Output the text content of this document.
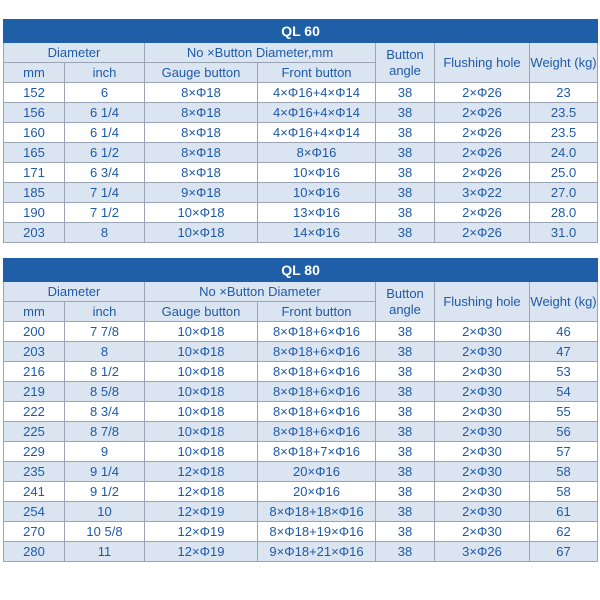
QL 60						
Diameter		No ×Button Diameter,mm		Button angle	Flushing hole	Weight (kg)
mm	inch	Gauge button	Front button			
152	6	8×Φ18	4×Φ16+4×Φ14	38	2×Φ26	23
156	6 1/4	8×Φ18	4×Φ16+4×Φ14	38	2×Φ26	23.5
160	6 1/4	8×Φ18	4×Φ16+4×Φ14	38	2×Φ26	23.5
165	6 1/2	8×Φ18	8×Φ16	38	2×Φ26	24.0
171	6 3/4	8×Φ18	10×Φ16	38	2×Φ26	25.0
185	7 1/4	9×Φ18	10×Φ16	38	3×Φ22	27.0
190	7 1/2	10×Φ18	13×Φ16	38	2×Φ26	28.0
203	8	10×Φ18	14×Φ16	38	2×Φ26	31.0
QL 80						
Diameter		No ×Button Diameter		Button angle	Flushing hole	Weight (kg)
mm	inch	Gauge button	Front button			
200	7 7/8	10×Φ18	8×Φ18+6×Φ16	38	2×Φ30	46
203	8	10×Φ18	8×Φ18+6×Φ16	38	2×Φ30	47
216	8 1/2	10×Φ18	8×Φ18+6×Φ16	38	2×Φ30	53
219	8 5/8	10×Φ18	8×Φ18+6×Φ16	38	2×Φ30	54
222	8 3/4	10×Φ18	8×Φ18+6×Φ16	38	2×Φ30	55
225	8 7/8	10×Φ18	8×Φ18+6×Φ16	38	2×Φ30	56
229	9	10×Φ18	8×Φ18+7×Φ16	38	2×Φ30	57
235	9 1/4	12×Φ18	20×Φ16	38	2×Φ30	58
241	9 1/2	12×Φ18	20×Φ16	38	2×Φ30	58
254	10	12×Φ19	8×Φ18+18×Φ16	38	2×Φ30	61
270	10 5/8	12×Φ19	8×Φ18+19×Φ16	38	2×Φ30	62
280	11	12×Φ19	9×Φ18+21×Φ16	38	3×Φ26	67
